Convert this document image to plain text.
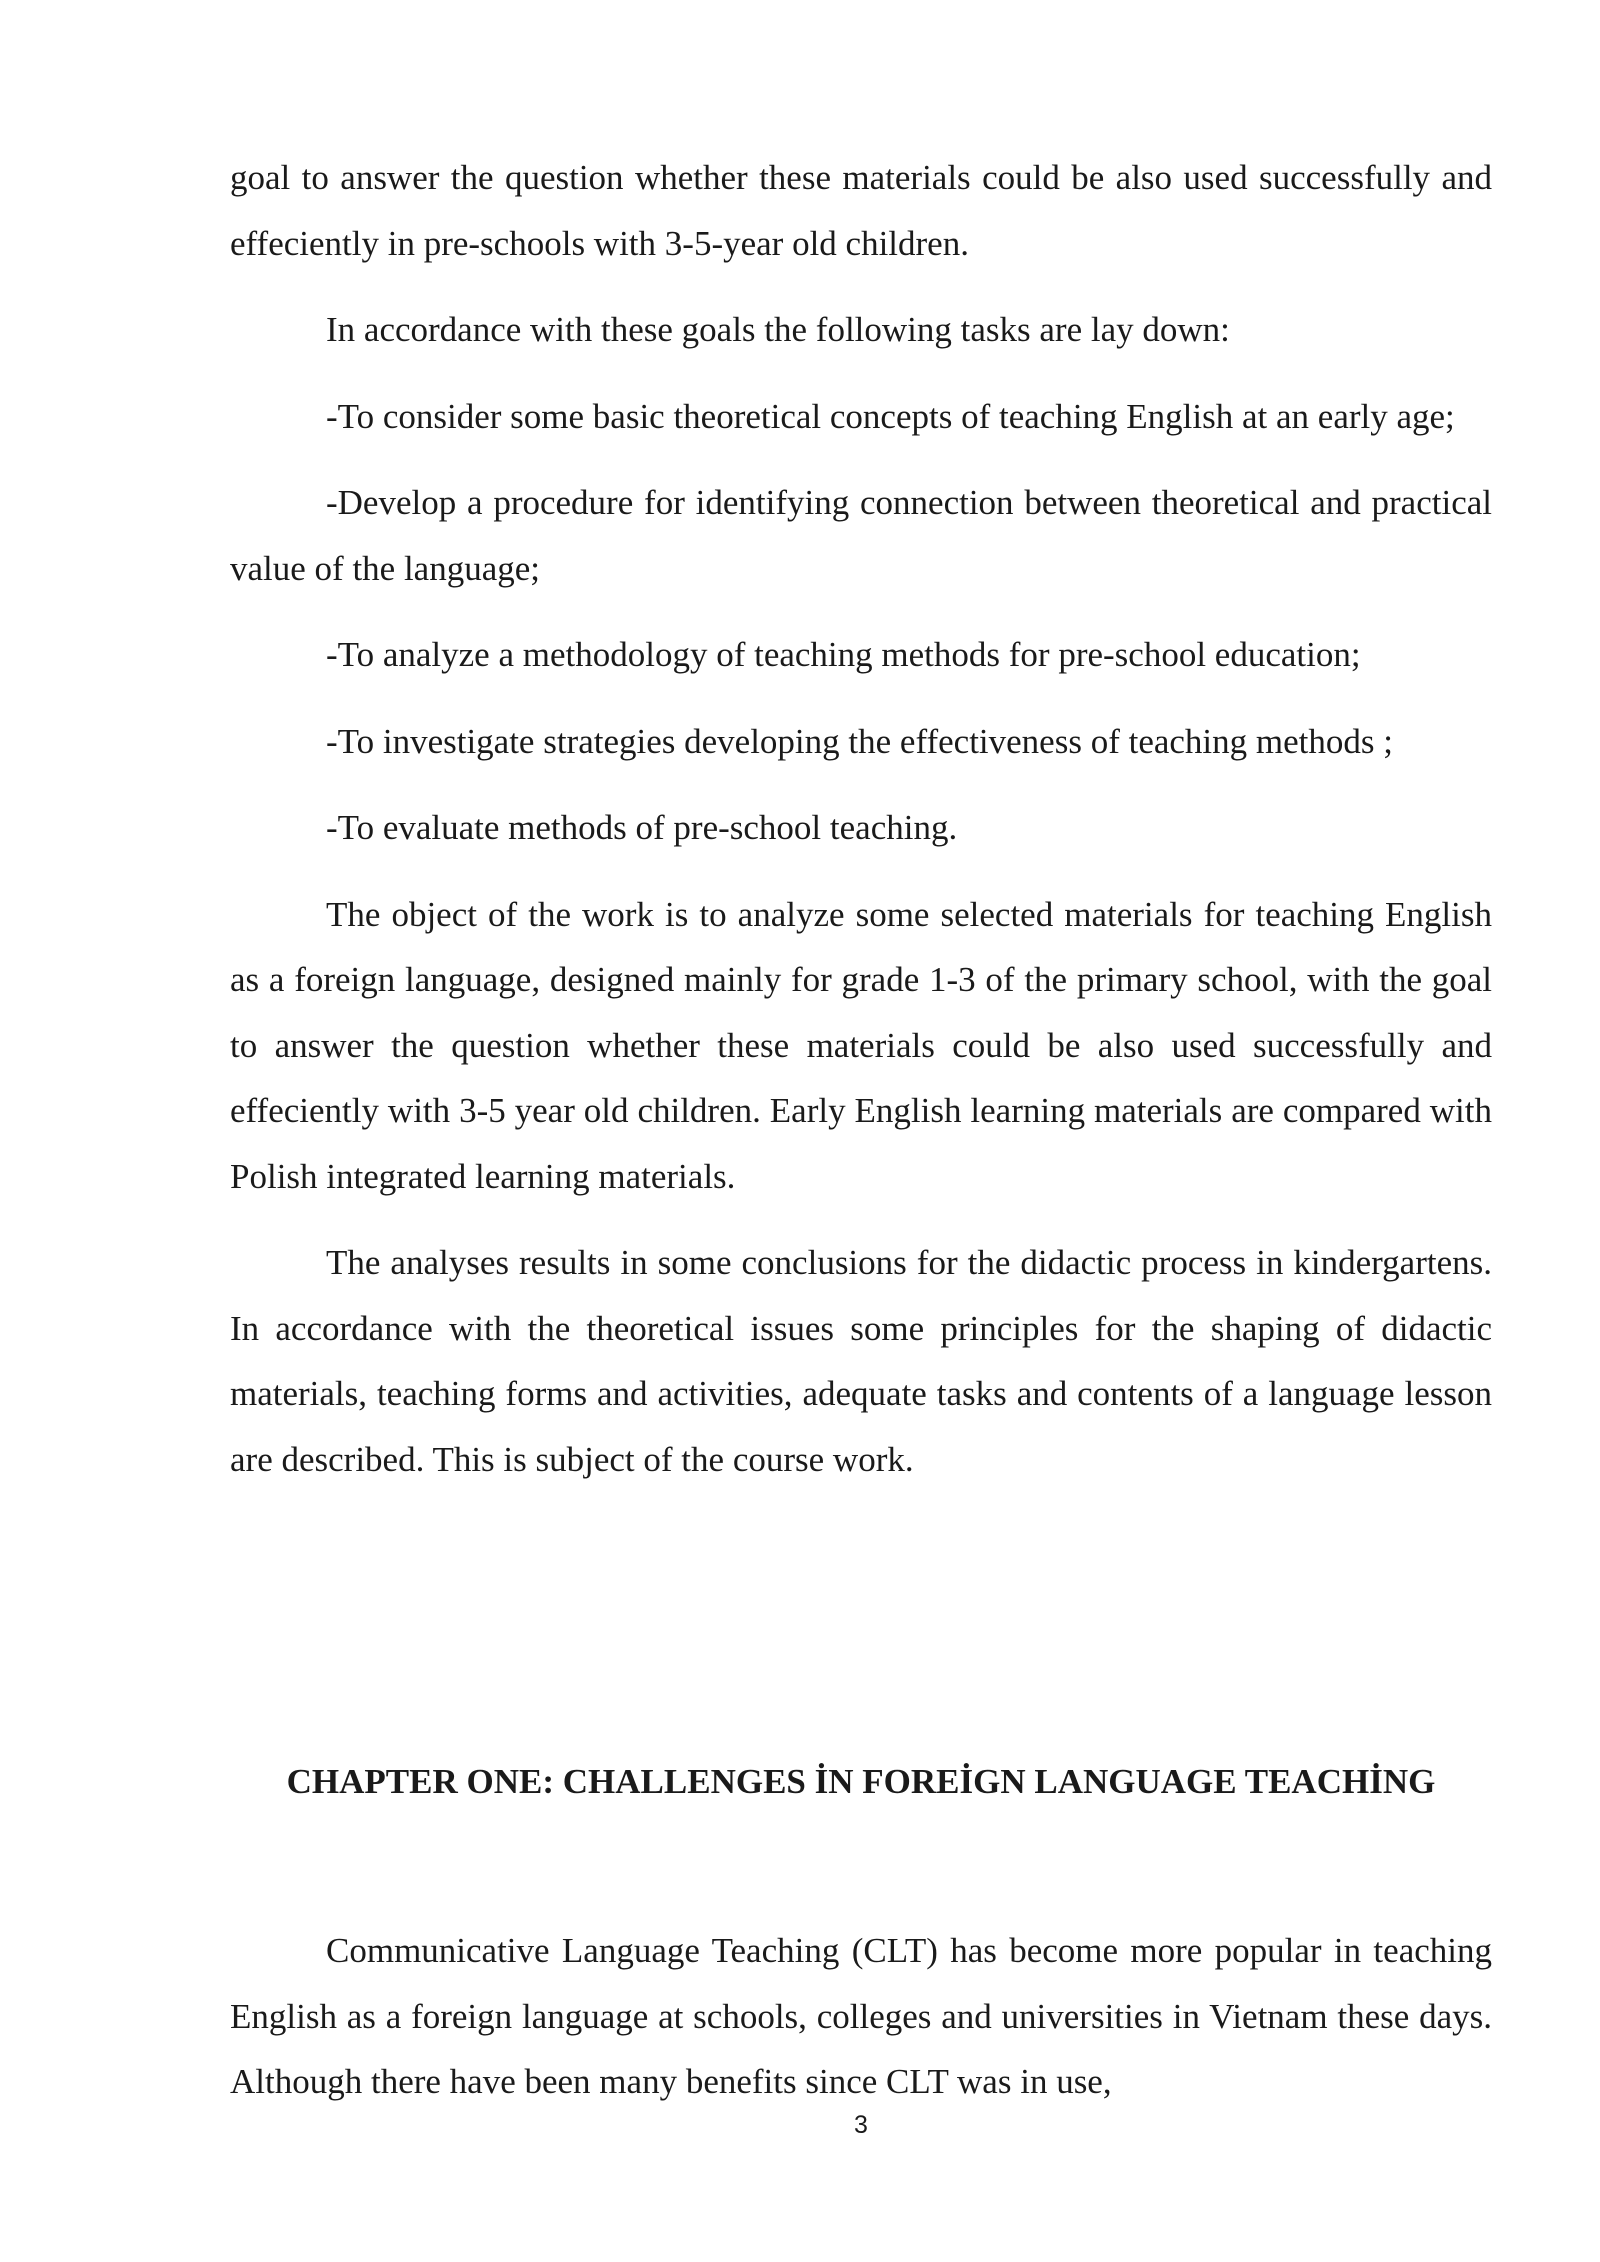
goal to answer the question whether these materials could be also used successfully and effeciently in pre-schools with 3-5-year old children.

In accordance with these goals the following tasks are lay down:

-To consider some basic theoretical concepts of teaching English at an early age;

-Develop a procedure for identifying connection between theoretical and practical value of the language;

-To analyze a methodology of teaching methods for pre-school education;

-To investigate strategies developing the effectiveness of teaching methods ;

-To evaluate methods of pre-school teaching.

The object of the work is to analyze some selected materials for teaching English as a foreign language, designed mainly for grade 1-3 of the primary school, with the goal to answer the question whether these materials could be also used successfully and effeciently with 3-5 year old children. Early English learning materials are compared with Polish integrated learning materials.

The analyses results in some conclusions for the didactic process in kindergartens. In accordance with the theoretical issues some principles for the shaping of didactic materials, teaching forms and activities, adequate tasks and contents of a language lesson are described. This is subject of the course work.

CHAPTER ONE: CHALLENGES İN FOREİGN LANGUAGE TEACHİNG

Communicative Language Teaching (CLT) has become more popular in teaching English as a foreign language at schools, colleges and universities in Vietnam these days. Although there have been many benefits since CLT was in use,

3
